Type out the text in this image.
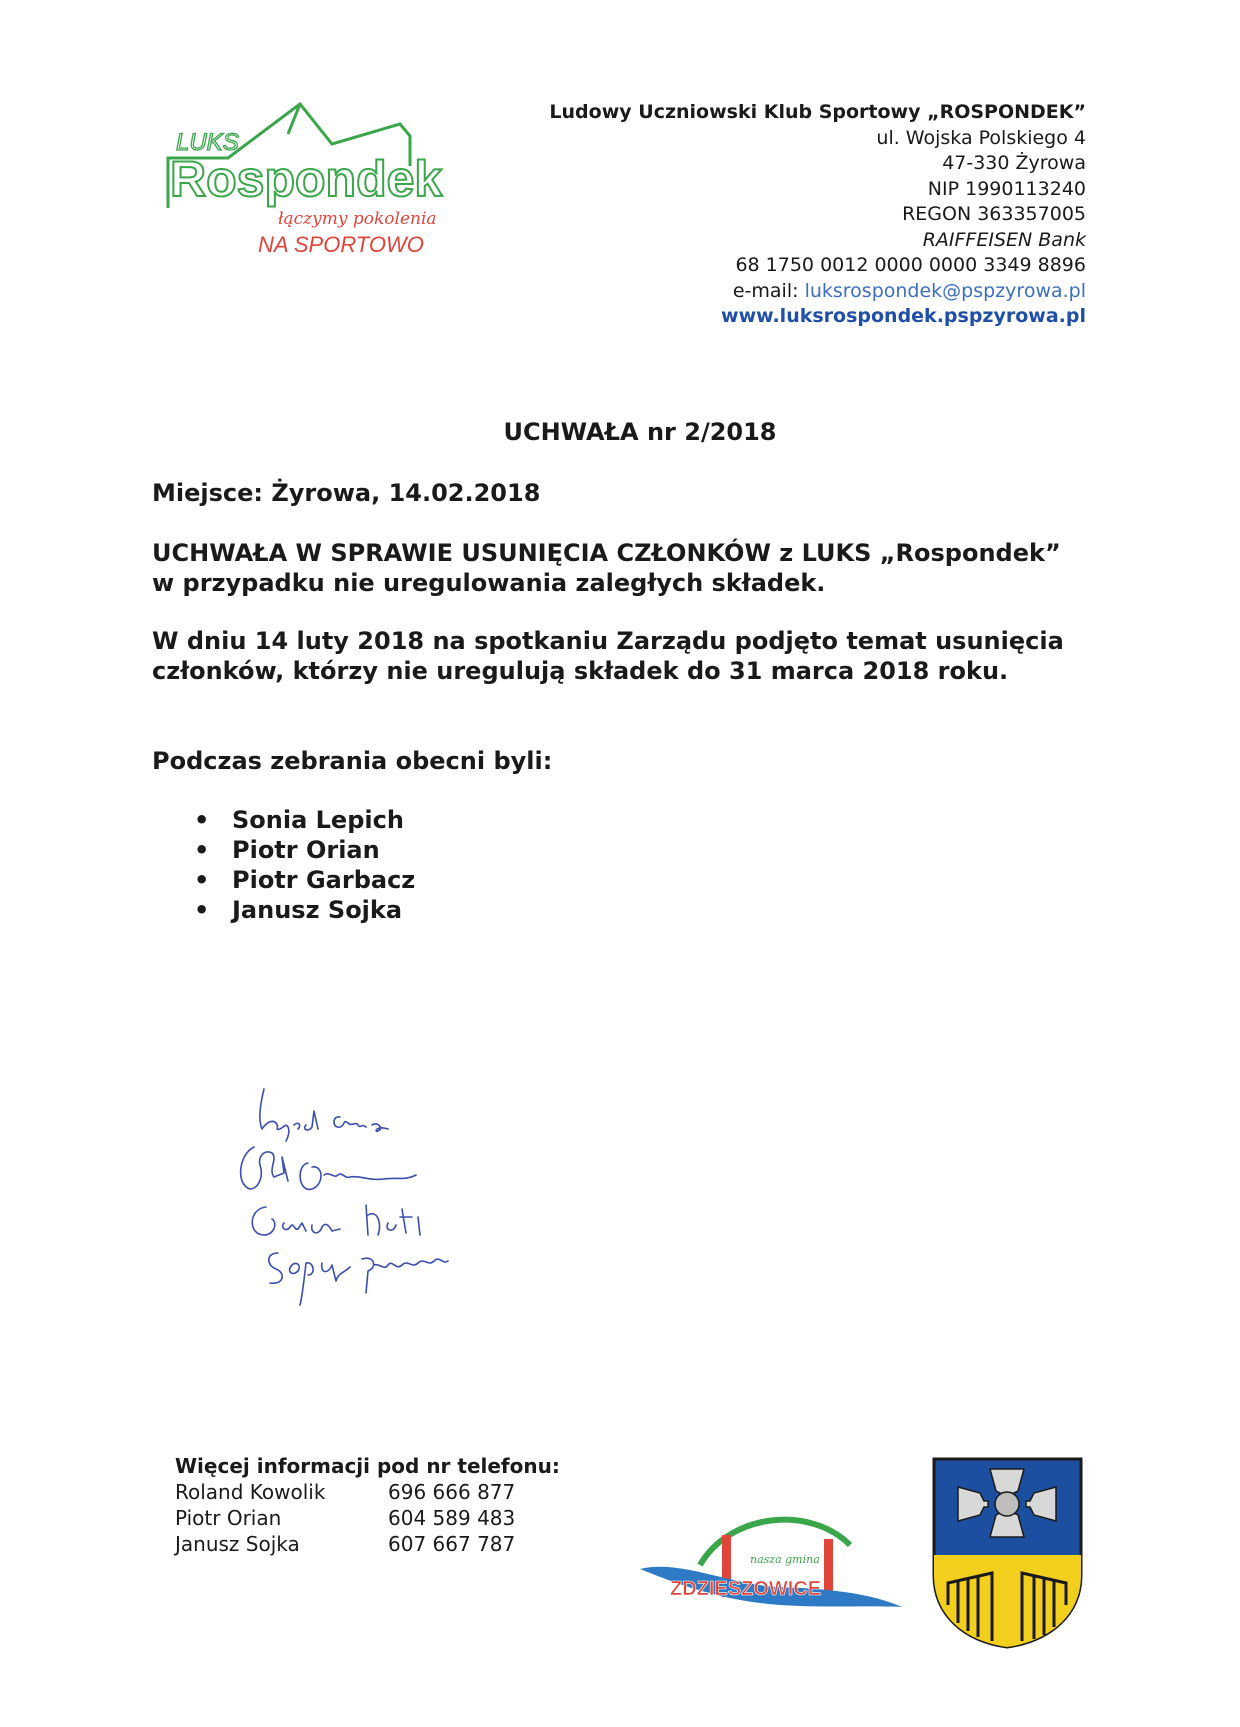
LUKS
Rospondek
łączymy pokolenia
NA SPORTOWO
Ludowy Uczniowski Klub Sportowy „ROSPONDEK”
ul. Wojska Polskiego 4
47-330 Żyrowa
NIP 1990113240
REGON 363357005
RAIFFEISEN Bank
68 1750 0012 0000 0000 3349 8896
e-mail: luksrospondek@pspzyrowa.pl
www.luksrospondek.pspzyrowa.pl
UCHWAŁA nr 2/2018
Miejsce: Żyrowa, 14.02.2018
UCHWAŁA W SPRAWIE USUNIĘCIA CZŁONKÓW z LUKS „Rospondek” w przypadku nie uregulowania zaległych składek.
W dniu 14 luty 2018 na spotkaniu Zarządu podjęto temat usunięcia członków, którzy nie uregulują składek do 31 marca 2018 roku.
Podczas zebrania obecni byli:
• Sonia Lepich
• Piotr Orian
• Piotr Garbacz
• Janusz Sojka
Więcej informacji pod nr telefonu:
Roland Kowolik	696 666 877
Piotr Orian	604 589 483
Janusz Sojka	607 667 787
nasza gmina
ZDZIESZOWICE
